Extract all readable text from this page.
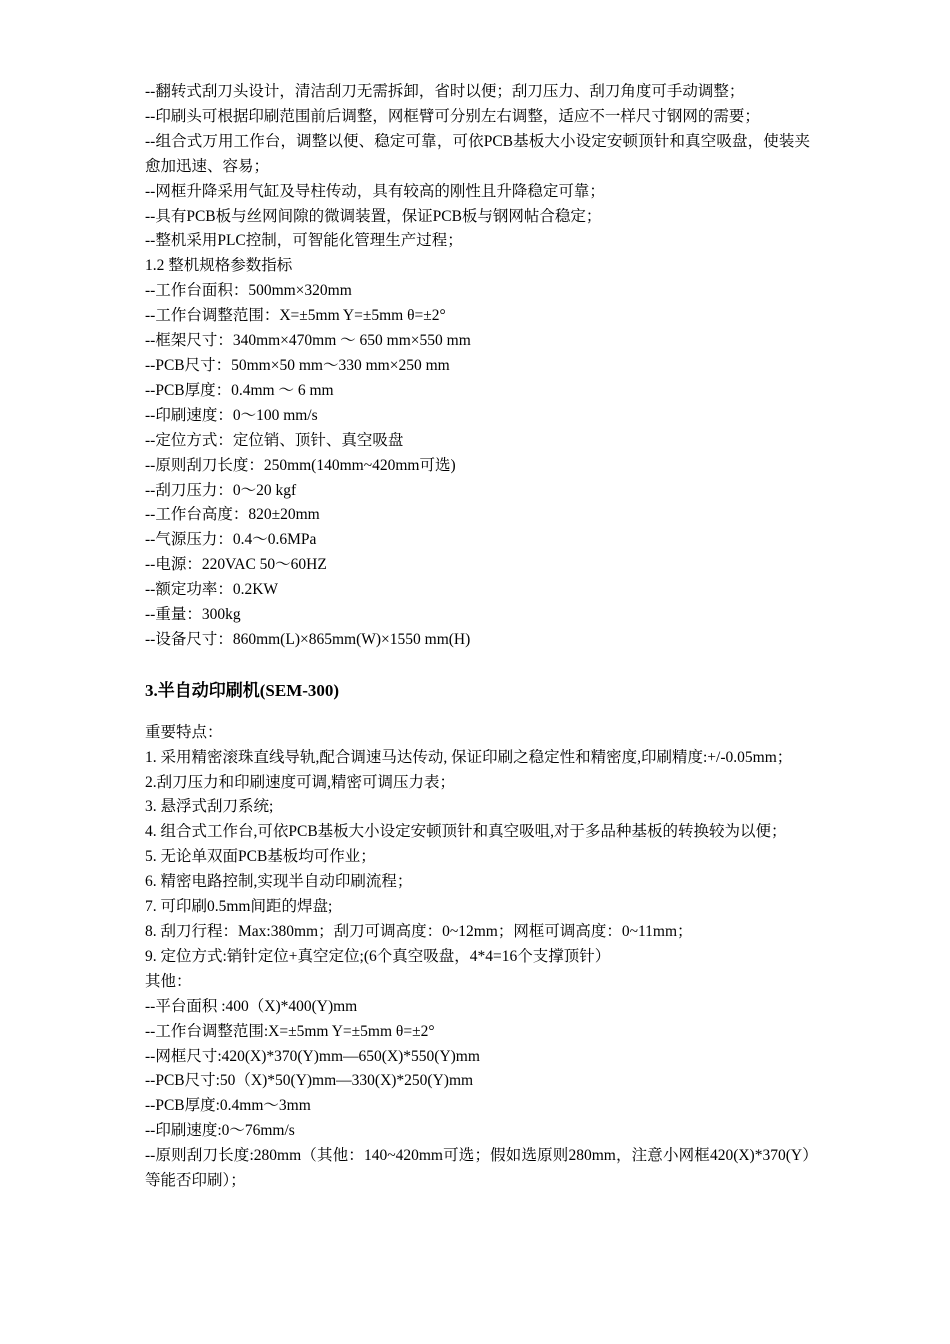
--翻转式刮刀头设计，清洁刮刀无需拆卸，省时以便；刮刀压力、刮刀角度可手动调整；

--印刷头可根据印刷范围前后调整，网框臂可分别左右调整，适应不一样尺寸钢网的需要；

--组合式万用工作台，调整以便、稳定可靠，可依PCB基板大小设定安顿顶针和真空吸盘，使装夹愈加迅速、容易；

--网框升降采用气缸及导柱传动，具有较高的刚性且升降稳定可靠；

--具有PCB板与丝网间隙的微调装置，保证PCB板与钢网帖合稳定；

--整机采用PLC控制，可智能化管理生产过程；

1.2 整机规格参数指标

--工作台面积：500mm×320mm

--工作台调整范围：X=±5mm Y=±5mm θ=±2°

--框架尺寸：340mm×470mm ～ 650 mm×550 mm

--PCB尺寸：50mm×50 mm～330 mm×250 mm

--PCB厚度：0.4mm ～ 6 mm

--印刷速度：0～100 mm/s

--定位方式：定位销、顶针、真空吸盘

--原则刮刀长度：250mm(140mm~420mm可选)

--刮刀压力：0～20 kgf

--工作台高度：820±20mm

--气源压力：0.4～0.6MPa

--电源：220VAC 50～60HZ

--额定功率：0.2KW

--重量：300kg

--设备尺寸：860mm(L)×865mm(W)×1550 mm(H)

3.半自动印刷机(SEM-300)

重要特点：

1. 采用精密滚珠直线导轨,配合调速马达传动, 保证印刷之稳定性和精密度,印刷精度:+/-0.05mm；

2.刮刀压力和印刷速度可调,精密可调压力表；

3. 悬浮式刮刀系统;

4. 组合式工作台,可依PCB基板大小设定安顿顶针和真空吸咀,对于多品种基板的转换较为以便；

5. 无论单双面PCB基板均可作业；

6. 精密电路控制,实现半自动印刷流程；

7. 可印刷0.5mm间距的焊盘;

8. 刮刀行程：Max:380mm；刮刀可调高度：0~12mm；网框可调高度：0~11mm；

9. 定位方式:销针定位+真空定位;(6个真空吸盘，4*4=16个支撑顶针）

其他：

--平台面积 :400（X)*400(Y)mm

--工作台调整范围:X=±5mm Y=±5mm θ=±2°

--网框尺寸:420(X)*370(Y)mm—650(X)*550(Y)mm

--PCB尺寸:50（X)*50(Y)mm—330(X)*250(Y)mm

--PCB厚度:0.4mm～3mm

--印刷速度:0～76mm/s

--原则刮刀长度:280mm（其他：140~420mm可选；假如选原则280mm，注意小网框420(X)*370(Y）等能否印刷）；
